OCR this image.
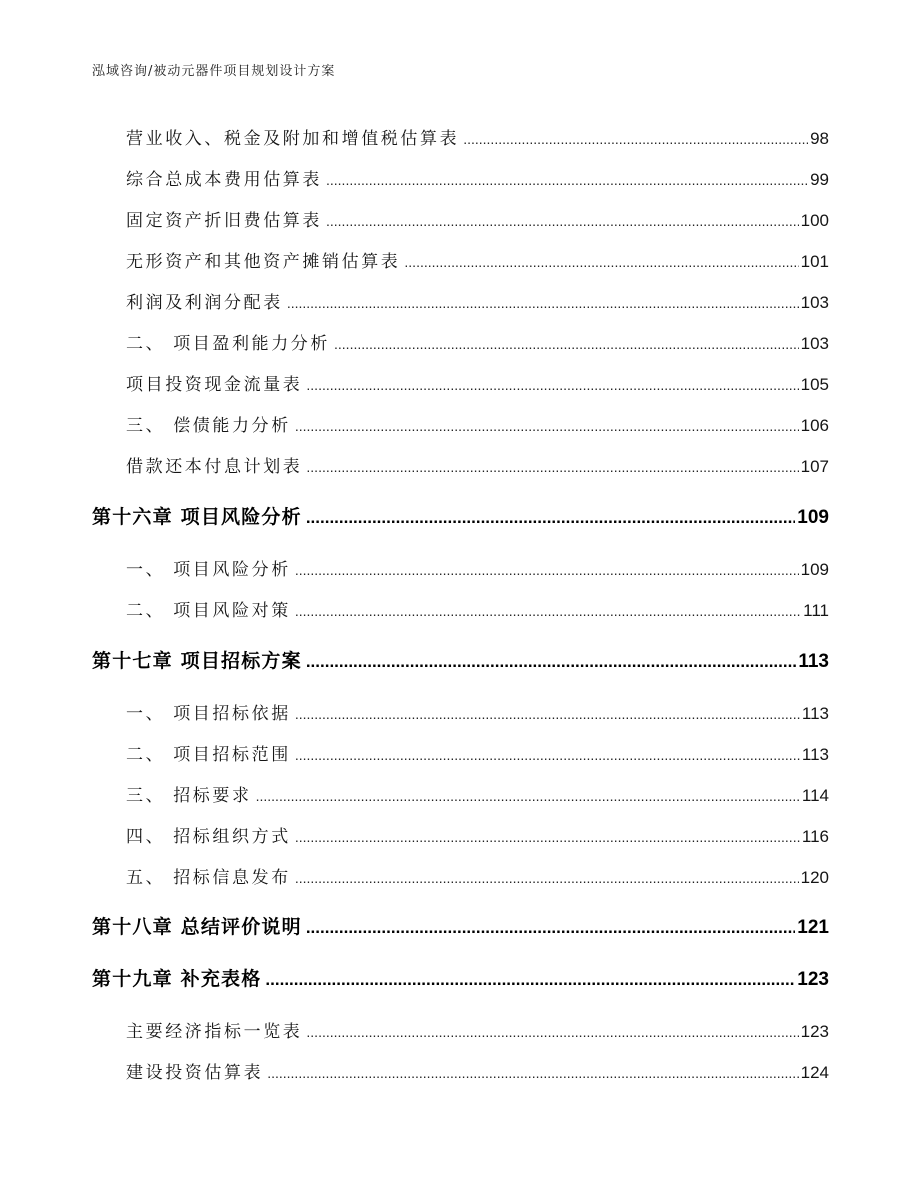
泓域咨询/被动元器件项目规划设计方案
营业收入、税金及附加和增值税估算表 .....	98
综合总成本费用估算表 .....	99
固定资产折旧费估算表 .....	100
无形资产和其他资产摊销估算表 .....	101
利润及利润分配表 .....	103
二、 项目盈利能力分析 .....	103
项目投资现金流量表 .....	105
三、 偿债能力分析 .....	106
借款还本付息计划表 .....	107
第十六章 项目风险分析 .....	109
一、 项目风险分析 .....	109
二、 项目风险对策 .....	111
第十七章 项目招标方案 .....	113
一、 项目招标依据 .....	113
二、 项目招标范围 .....	113
三、 招标要求 .....	114
四、 招标组织方式 .....	116
五、 招标信息发布 .....	120
第十八章 总结评价说明 .....	121
第十九章 补充表格 .....	123
主要经济指标一览表 .....	123
建设投资估算表 .....	124
